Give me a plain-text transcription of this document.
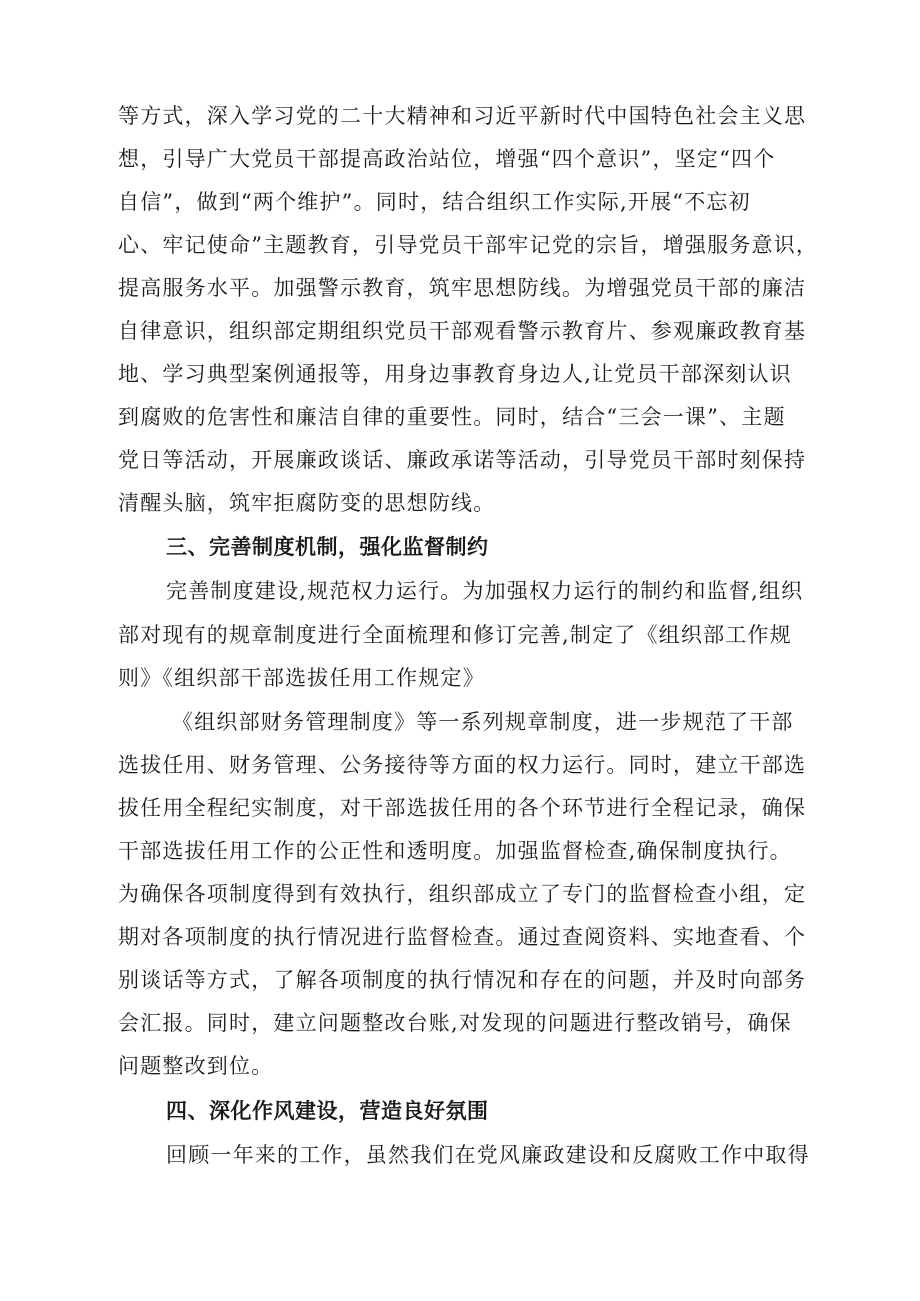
等方式，深入学习党的二十大精神和习近平新时代中国特色社会主义思
想，引导广大党员干部提高政治站位，增强“四个意识”，坚定“四个
自信”，做到“两个维护”。同时，结合组织工作实际,开展“不忘初
心、牢记使命”主题教育，引导党员干部牢记党的宗旨，增强服务意识，
提高服务水平。加强警示教育，筑牢思想防线。为增强党员干部的廉洁
自律意识，组织部定期组织党员干部观看警示教育片、参观廉政教育基
地、学习典型案例通报等，用身边事教育身边人,让党员干部深刻认识
到腐败的危害性和廉洁自律的重要性。同时，结合“三会一课”、主题
党日等活动，开展廉政谈话、廉政承诺等活动，引导党员干部时刻保持
清醒头脑，筑牢拒腐防变的思想防线。
三、完善制度机制，强化监督制约
完善制度建设,规范权力运行。为加强权力运行的制约和监督,组织
部对现有的规章制度进行全面梳理和修订完善,制定了《组织部工作规
则》《组织部干部选拔任用工作规定》
《组织部财务管理制度》等一系列规章制度，进一步规范了干部
选拔任用、财务管理、公务接待等方面的权力运行。同时，建立干部选
拔任用全程纪实制度，对干部选拔任用的各个环节进行全程记录，确保
干部选拔任用工作的公正性和透明度。加强监督检查,确保制度执行。
为确保各项制度得到有效执行，组织部成立了专门的监督检查小组，定
期对各项制度的执行情况进行监督检查。通过查阅资料、实地查看、个
别谈话等方式，了解各项制度的执行情况和存在的问题，并及时向部务
会汇报。同时，建立问题整改台账,对发现的问题进行整改销号，确保
问题整改到位。
四、深化作风建设，营造良好氛围
回顾一年来的工作，虽然我们在党风廉政建设和反腐败工作中取得
